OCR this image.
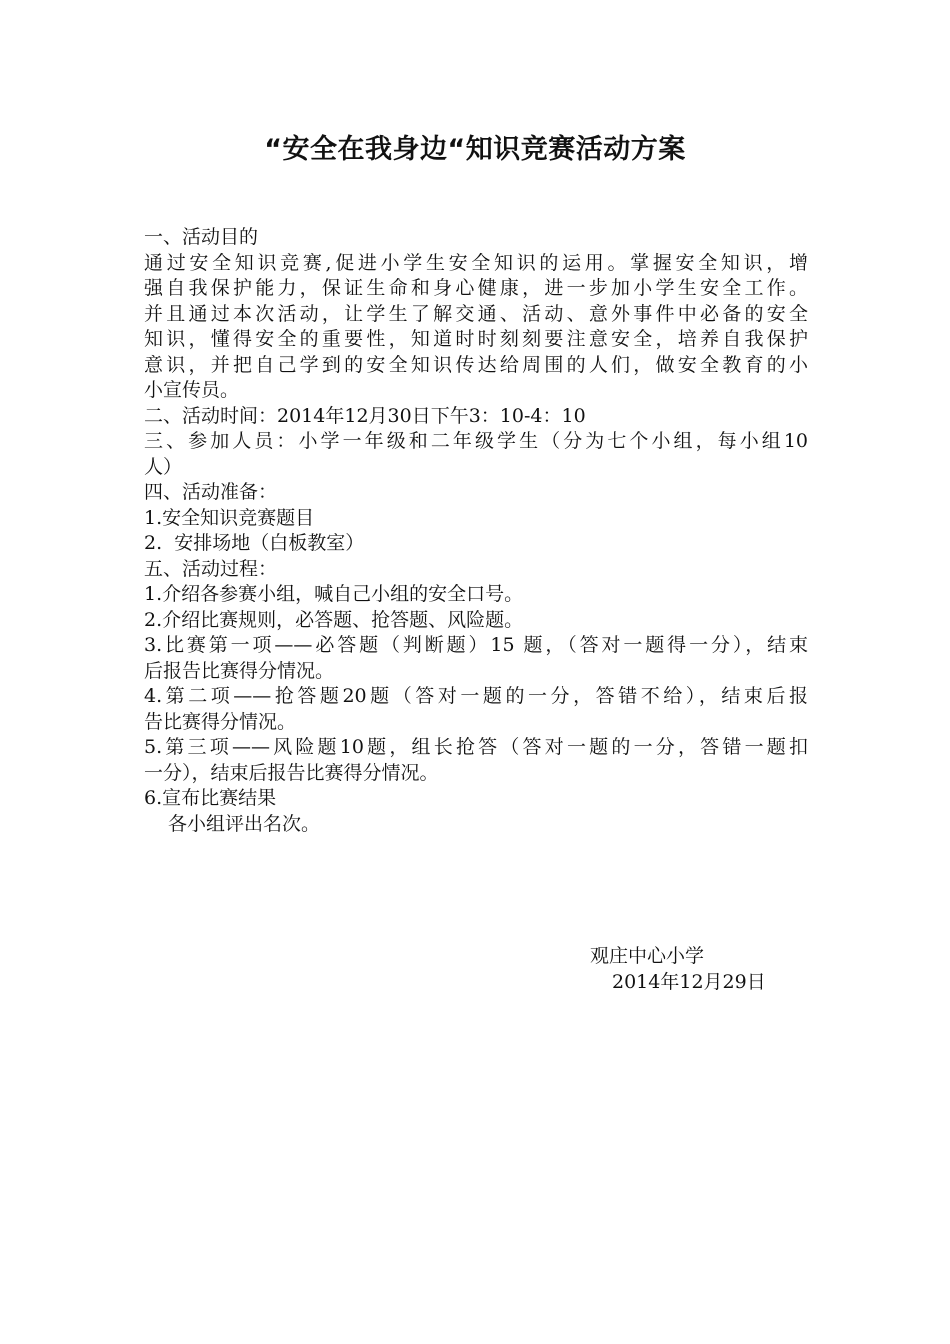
“安全在我身边“知识竞赛活动方案
一、活动目的
通过安全知识竞赛,促进小学生安全知识的运用。掌握安全知识，增
强自我保护能力，保证生命和身心健康，进一步加小学生安全工作。
并且通过本次活动，让学生了解交通、活动、意外事件中必备的安全
知识，懂得安全的重要性，知道时时刻刻要注意安全，培养自我保护
意识，并把自己学到的安全知识传达给周围的人们，做安全教育的小
小宣传员。
二、活动时间：2014年12月30日下午3：10-4：10
三、参加人员：小学一年级和二年级学生（分为七个小组，每小组10
人）
四、活动准备：
1.安全知识竞赛题目
2.  安排场地（白板教室）
五、活动过程：
1.介绍各参赛小组，喊自己小组的安全口号。
2.介绍比赛规则，必答题、抢答题、风险题。
3.比赛第一项——必答题（判断题）15 题，（答对一题得一分），结束
后报告比赛得分情况。
4.第二项——抢答题20题（答对一题的一分，答错不给），结束后报
告比赛得分情况。
5.第三项——风险题10题，组长抢答（答对一题的一分，答错一题扣
一分），结束后报告比赛得分情况。
6.宣布比赛结果
各小组评出名次。
观庄中心小学
2014年12月29日
